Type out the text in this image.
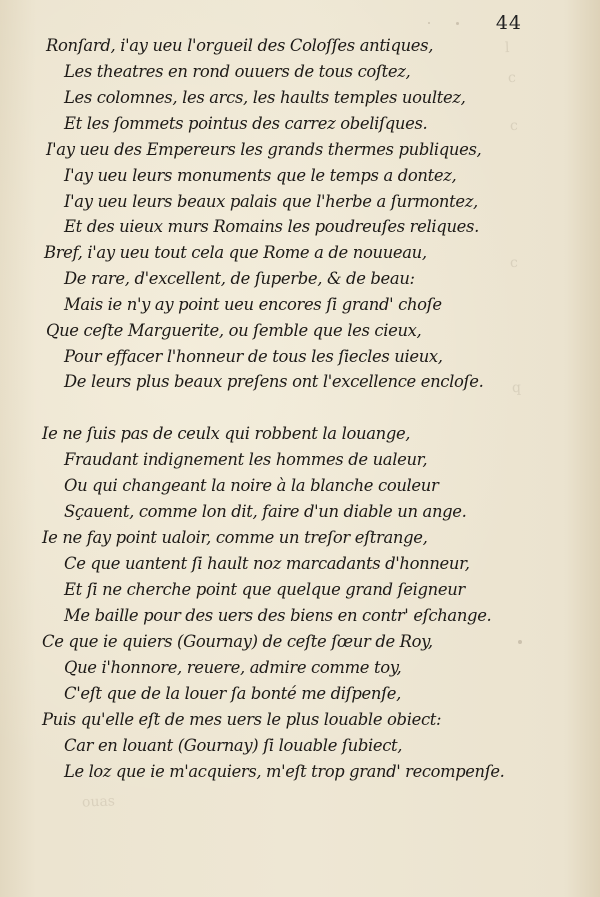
l
c
c
c
q
ouas
44
Ronſard, i'ay ueu l'orgueil des Coloſſes antiques,
Les theatres en rond ouuers de tous coſtez,
Les colomnes, les arcs, les haults temples uoultez,
Et les ſommets pointus des carrez obeliſques.
I'ay ueu des Empereurs les grands thermes publiques,
I'ay ueu leurs monuments que le temps a dontez,
I'ay ueu leurs beaux palais que l'herbe a ſurmontez,
Et des uieux murs Romains les poudreuſes reliques.
Bref, i'ay ueu tout cela que Rome a de nouueau,
De rare, d'excellent, de ſuperbe, & de beau:
Mais ie n'y ay point ueu encores ſi grand' choſe
Que ceſte Marguerite, ou ſemble que les cieux,
Pour effacer l'honneur de tous les ſiecles uieux,
De leurs plus beaux preſens ont l'excellence encloſe.
Ie ne ſuis pas de ceulx qui robbent la louange,
Fraudant indignement les hommes de ualeur,
Ou qui changeant la noire à la blanche couleur
Sçauent, comme lon dit, faire d'un diable un ange.
Ie ne fay point ualoir, comme un treſor eſtrange,
Ce que uantent ſi hault noz marcadants d'honneur,
Et ſi ne cherche point que quelque grand ſeigneur
Me baille pour des uers des biens en contr' eſchange.
Ce que ie quiers (Gournay) de ceſte ſœur de Roy,
Que i'honnore, reuere, admire comme toy,
C'eſt que de la louer ſa bonté me diſpenſe,
Puis qu'elle eſt de mes uers le plus louable obiect:
Car en louant (Gournay) ſi louable ſubiect,
Le loz que ie m'acquiers, m'eſt trop grand' recompenſe.
